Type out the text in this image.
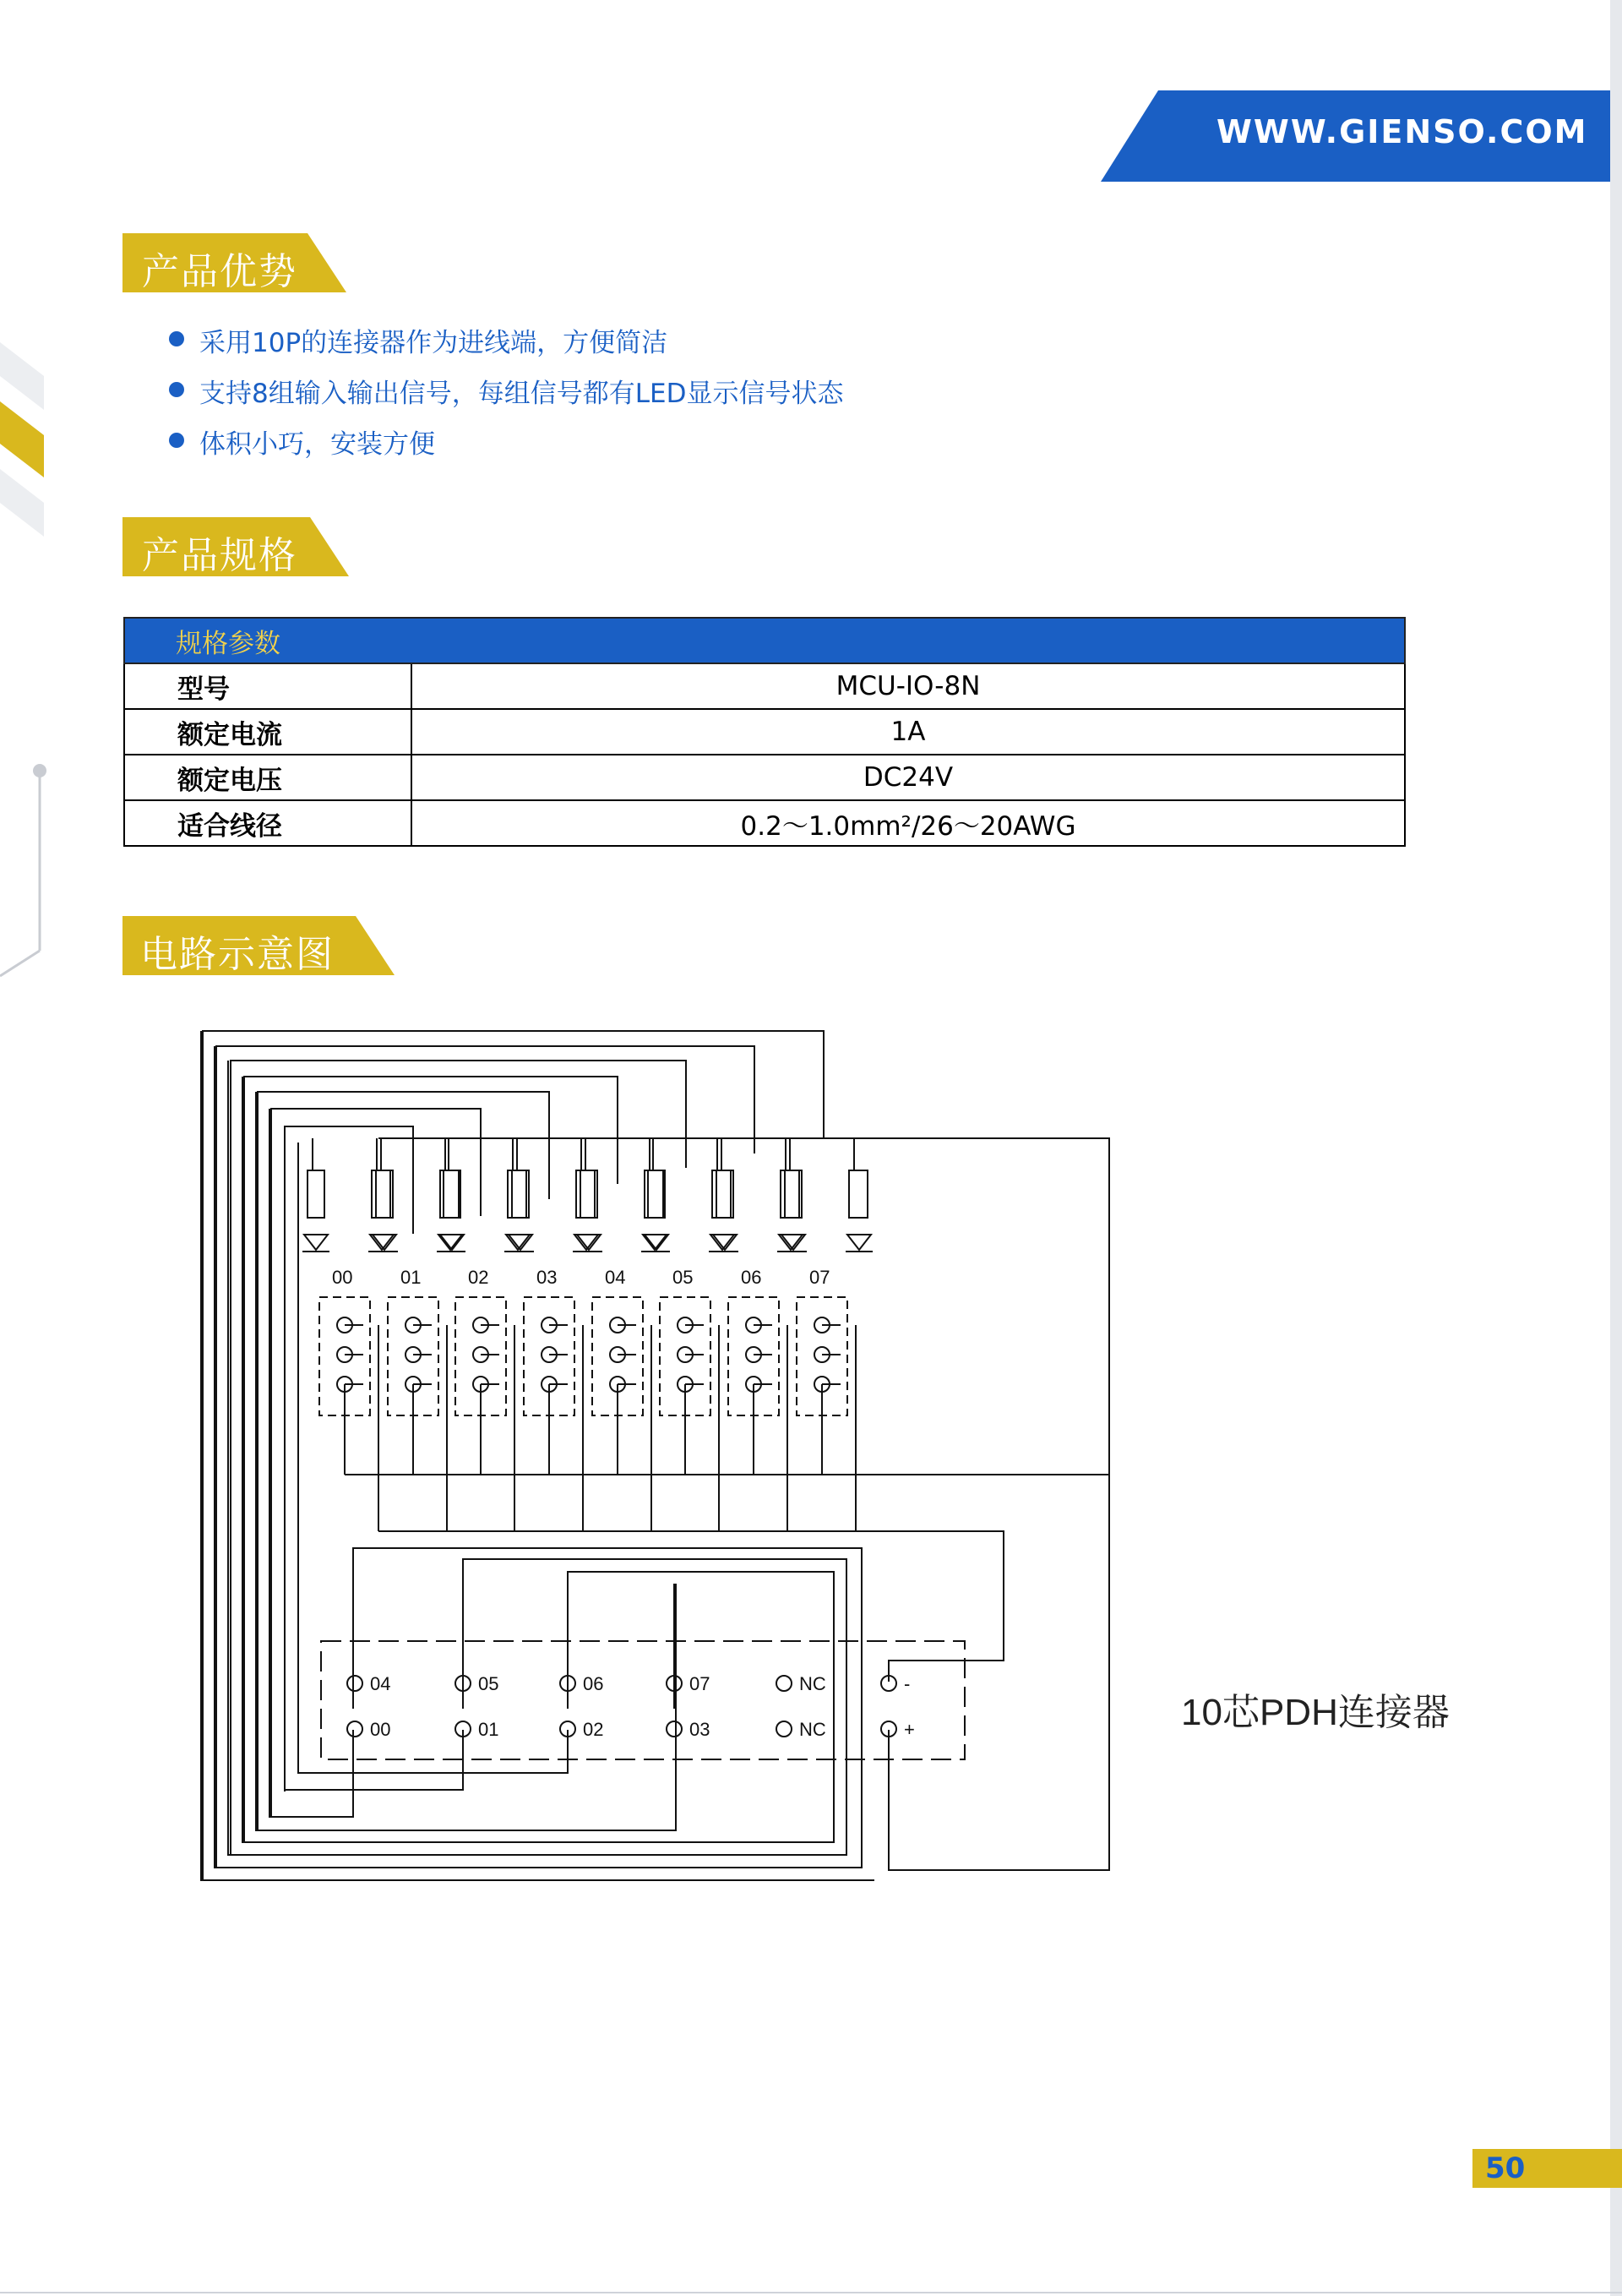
WWW.GIENSO.COM
产品优势
采用10P的连接器作为进线端，方便简洁
支持8组输入输出信号，每组信号都有LED显示信号状态
体积小巧，安装方便
产品规格
规格参数	
型号	MCU-IO-8N
额定电流	1A
额定电压	DC24V
适合线径	0.2～1.0mm²/26～20AWG
电路示意图
00	01	02	03	04	05	06	07
04
00
05
01
06
02
07
03
NC
NC
-
+	10芯PDH连接器
50
